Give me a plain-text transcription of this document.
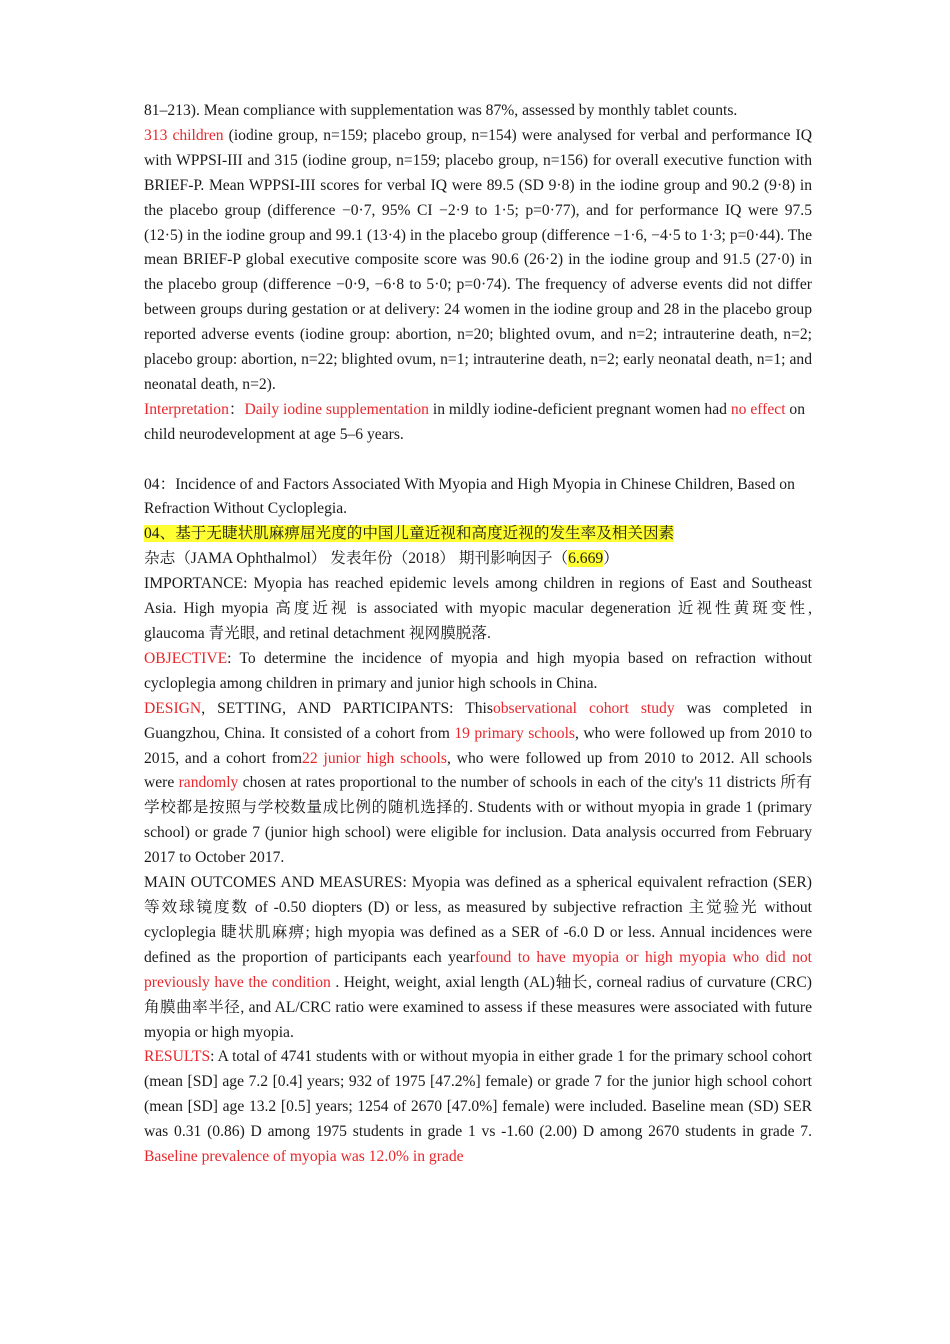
81–213). Mean compliance with supplementation was 87%, assessed by monthly tablet counts.
313 children (iodine group, n=159; placebo group, n=154) were analysed for verbal and performance IQ with WPPSI-III and 315 (iodine group, n=159; placebo group, n=156) for overall executive function with BRIEF-P. Mean WPPSI-III scores for verbal IQ were 89.5 (SD 9·8) in the iodine group and 90.2 (9·8) in the placebo group (difference −0·7, 95% CI −2·9 to 1·5; p=0·77), and for performance IQ were 97.5 (12·5) in the iodine group and 99.1 (13·4) in the placebo group (difference −1·6, −4·5 to 1·3; p=0·44). The mean BRIEF-P global executive composite score was 90.6 (26·2) in the iodine group and 91.5 (27·0) in the placebo group (difference −0·9, −6·8 to 5·0; p=0·74). The frequency of adverse events did not differ between groups during gestation or at delivery: 24 women in the iodine group and 28 in the placebo group reported adverse events (iodine group: abortion, n=20; blighted ovum, and n=2; intrauterine death, n=2; placebo group: abortion, n=22; blighted ovum, n=1; intrauterine death, n=2; early neonatal death, n=1; and neonatal death, n=2).

Interpretation：Daily iodine supplementation in mildly iodine-deficient pregnant women had no effect on child neurodevelopment at age 5–6 years.

04：Incidence of and Factors Associated With Myopia and High Myopia in Chinese Children, Based on Refraction Without Cycloplegia.

04、基于无睫状肌麻痹屈光度的中国儿童近视和高度近视的发生率及相关因素

杂志（JAMA Ophthalmol） 发表年份（2018） 期刊影响因子（6.669）

IMPORTANCE: Myopia has reached epidemic levels among children in regions of East and Southeast Asia. High myopia 高度近视 is associated with myopic macular degeneration 近视性黄斑变性, glaucoma 青光眼, and retinal detachment 视网膜脱落.

OBJECTIVE: To determine the incidence of myopia and high myopia based on refraction without cycloplegia among children in primary and junior high schools in China.

DESIGN, SETTING, AND PARTICIPANTS: Thisobservational cohort study was completed in Guangzhou, China. It consisted of a cohort from 19 primary schools, who were followed up from 2010 to 2015, and a cohort from22 junior high schools, who were followed up from 2010 to 2012. All schools were randomly chosen at rates proportional to the number of schools in each of the city's 11 districts 所有学校都是按照与学校数量成比例的随机选择的. Students with or without myopia in grade 1 (primary school) or grade 7 (junior high school) were eligible for inclusion. Data analysis occurred from February 2017 to October 2017.

MAIN OUTCOMES AND MEASURES: Myopia was defined as a spherical equivalent refraction (SER)等效球镜度数 of -0.50 diopters (D) or less, as measured by subjective refraction 主觉验光 without cycloplegia 睫状肌麻痹; high myopia was defined as a SER of -6.0 D or less. Annual incidences were defined as the proportion of participants each yearfound to have myopia or high myopia who did not previously have the condition . Height, weight, axial length (AL)轴长, corneal radius of curvature (CRC) 角膜曲率半径, and AL/CRC ratio were examined to assess if these measures were associated with future myopia or high myopia.

RESULTS: A total of 4741 students with or without myopia in either grade 1 for the primary school cohort (mean [SD] age 7.2 [0.4] years; 932 of 1975 [47.2%] female) or grade 7 for the junior high school cohort (mean [SD] age 13.2 [0.5] years; 1254 of 2670 [47.0%] female) were included. Baseline mean (SD) SER was 0.31 (0.86) D among 1975 students in grade 1 vs -1.60 (2.00) D among 2670 students in grade 7. Baseline prevalence of myopia was 12.0% in grade
